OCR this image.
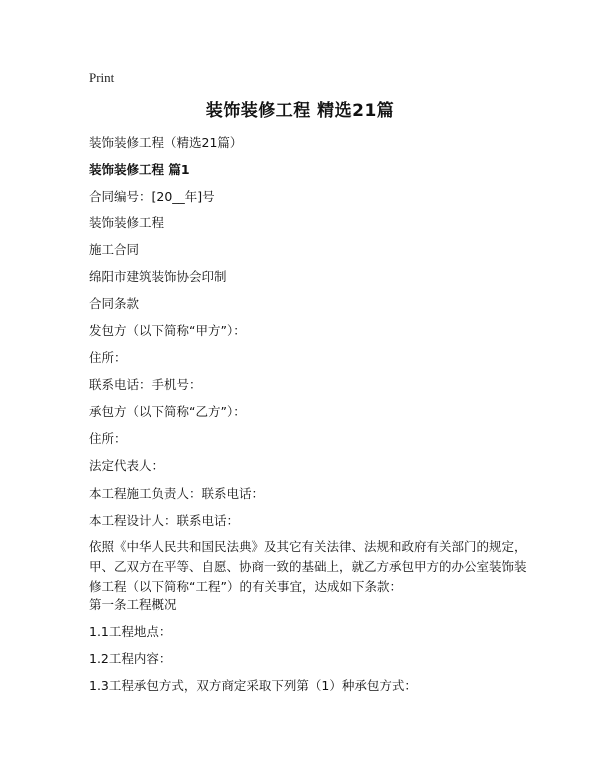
Print
装饰装修工程 精选21篇
装饰装修工程（精选21篇）
装饰装修工程 篇1
合同编号：[20__年]号
装饰装修工程
施工合同
绵阳市建筑装饰协会印制
合同条款
发包方（以下简称“甲方”）：
住所：
联系电话：手机号：
承包方（以下简称“乙方”）：
住所：
法定代表人：
本工程施工负责人：联系电话：
本工程设计人：联系电话：
依照《中华人民共和国民法典》及其它有关法律、法规和政府有关部门的规定，甲、乙双方在平等、自愿、协商一致的基础上，就乙方承包甲方的办公室装饰装修工程（以下简称“工程”）的有关事宜，达成如下条款：
第一条工程概况
1.1工程地点：
1.2工程内容：
1.3工程承包方式，双方商定采取下列第（1）种承包方式：
